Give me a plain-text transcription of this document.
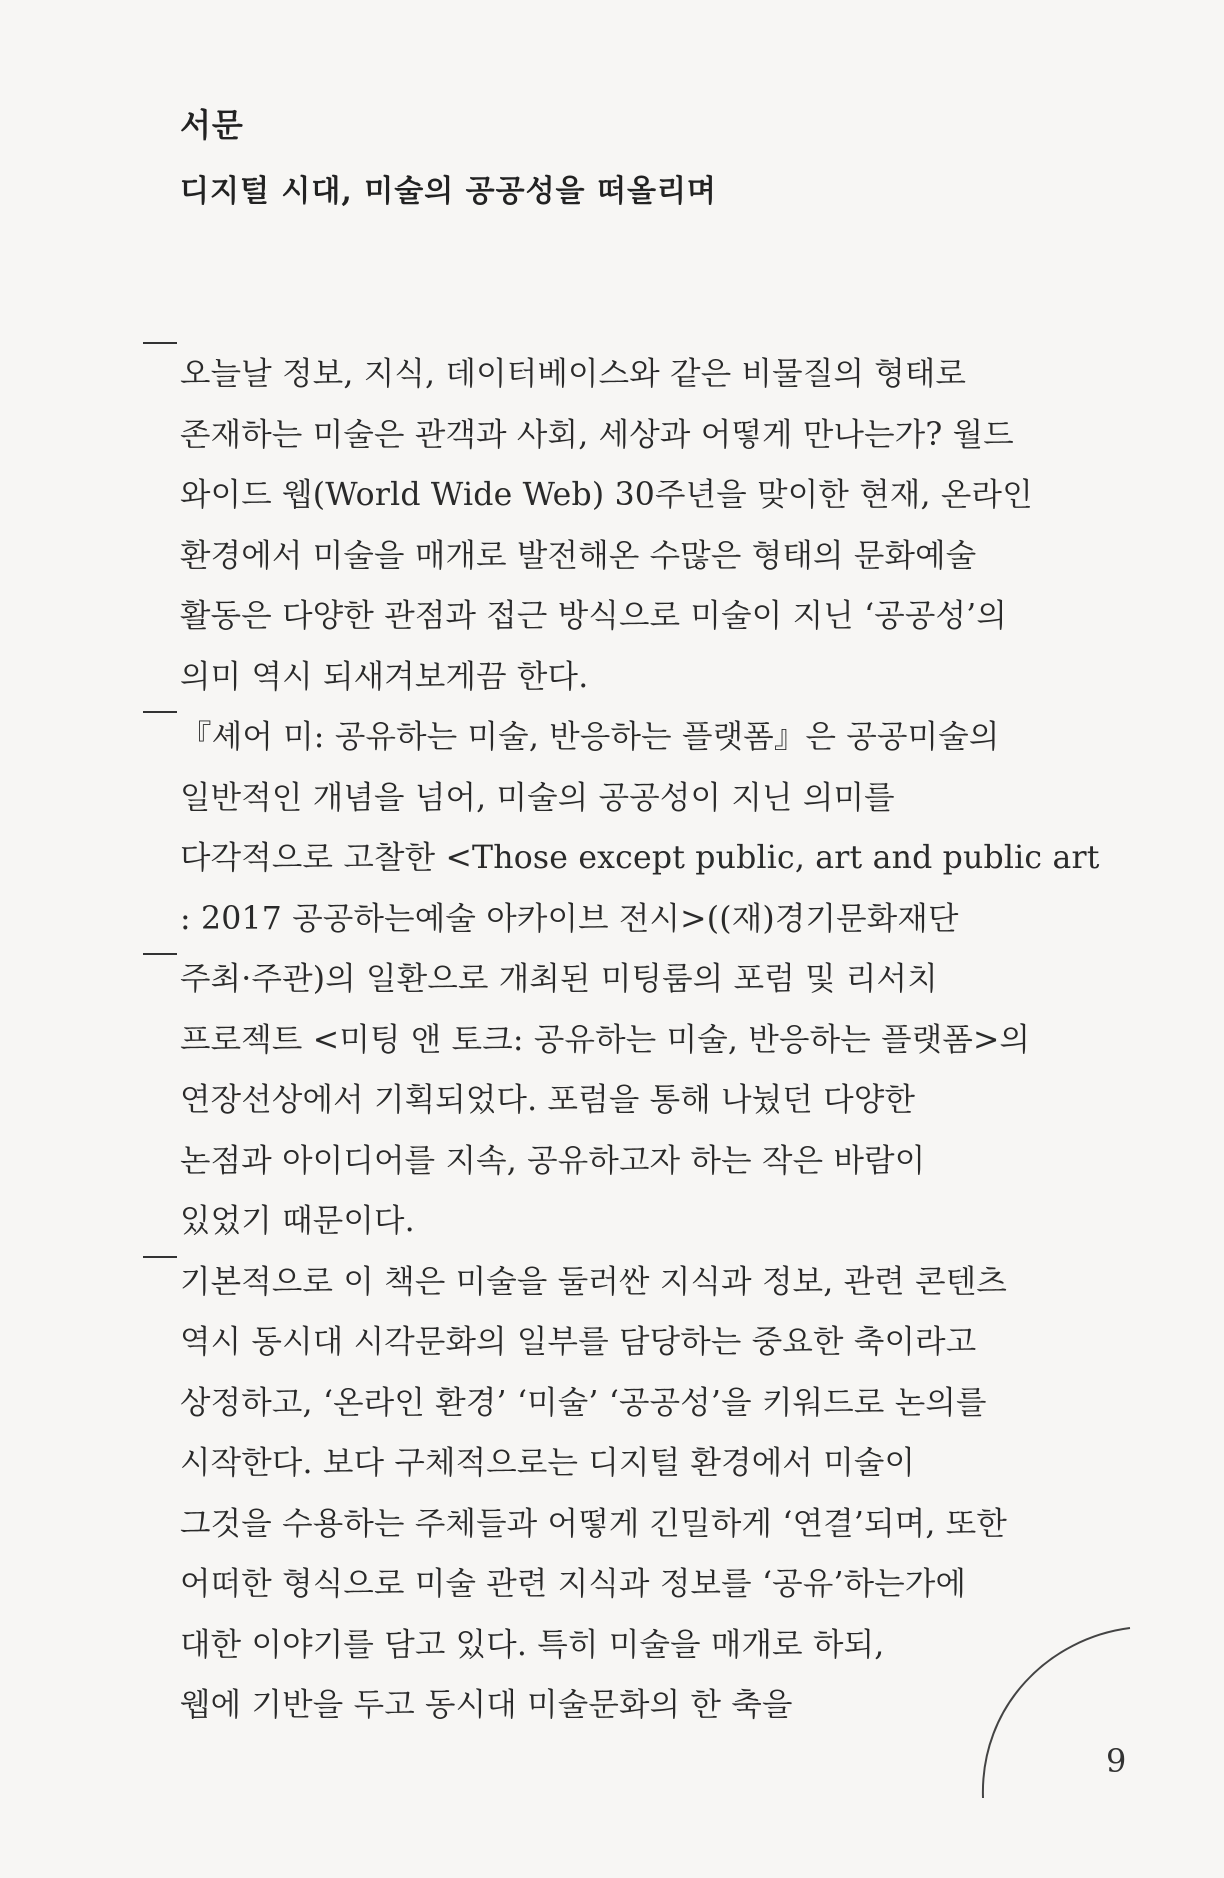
서문
디지털 시대, 미술의 공공성을 떠올리며
오늘날 정보, 지식, 데이터베이스와 같은 비물질의 형태로
존재하는 미술은 관객과 사회, 세상과 어떻게 만나는가? 월드
와이드 웹(World Wide Web) 30주년을 맞이한 현재, 온라인
환경에서 미술을 매개로 발전해온 수많은 형태의 문화예술
활동은 다양한 관점과 접근 방식으로 미술이 지닌 ‘공공성’의
의미 역시 되새겨보게끔 한다.
『셰어 미: 공유하는 미술, 반응하는 플랫폼』은 공공미술의
일반적인 개념을 넘어, 미술의 공공성이 지닌 의미를
다각적으로 고찰한 <Those except public, art and public art
: 2017 공공하는예술 아카이브 전시>((재)경기문화재단
주최·주관)의 일환으로 개최된 미팅룸의 포럼 및 리서치
프로젝트 <미팅 앤 토크: 공유하는 미술, 반응하는 플랫폼>의
연장선상에서 기획되었다. 포럼을 통해 나눴던 다양한
논점과 아이디어를 지속, 공유하고자 하는 작은 바람이
있었기 때문이다.
기본적으로 이 책은 미술을 둘러싼 지식과 정보, 관련 콘텐츠
역시 동시대 시각문화의 일부를 담당하는 중요한 축이라고
상정하고, ‘온라인 환경’ ‘미술’ ‘공공성’을 키워드로 논의를
시작한다. 보다 구체적으로는 디지털 환경에서 미술이
그것을 수용하는 주체들과 어떻게 긴밀하게 ‘연결’되며, 또한
어떠한 형식으로 미술 관련 지식과 정보를 ‘공유’하는가에
대한 이야기를 담고 있다. 특히 미술을 매개로 하되,
웹에 기반을 두고 동시대 미술문화의 한 축을
9
